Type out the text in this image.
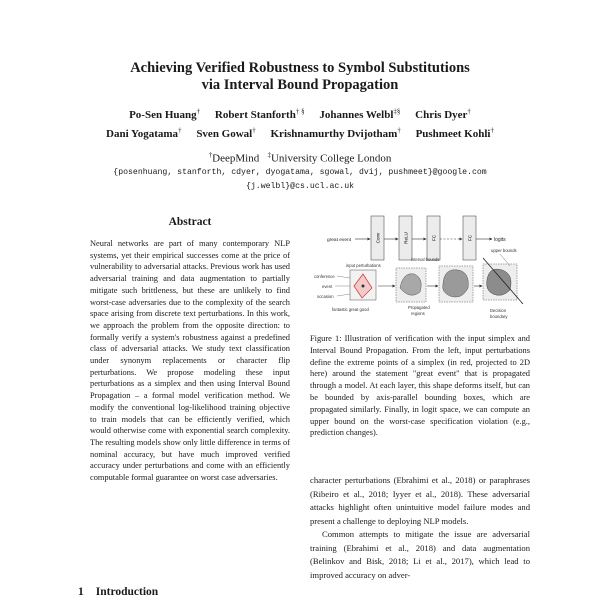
Achieving Verified Robustness to Symbol Substitutions
via Interval Bound Propagation
Po-Sen Huang† Robert Stanforth† § Johannes Welbl‡§ Chris Dyer†
Dani Yogatama† Sven Gowal† Krishnamurthy Dvijotham† Pushmeet Kohli†
†DeepMind ‡University College London
{posenhuang, stanforth, cdyer, dyogatama, sgowal, dvij, pushmeet}@google.com
{j.welbl}@cs.ucl.ac.uk
Abstract

Neural networks are part of many contemporary NLP systems, yet their empirical successes come at the price of vulnerability to adversarial attacks. Previous work has used adversarial training and data augmentation to partially mitigate such brittleness, but these are unlikely to find worst-case adversaries due to the complexity of the search space arising from discrete text perturbations. In this work, we approach the problem from the opposite direction: to formally verify a system's robustness against a predefined class of adversarial attacks. We study text classification under synonym replacements or character flip perturbations. We propose modeling these input perturbations as a simplex and then using Interval Bound Propagation – a formal model verification method. We modify the conventional log-likelihood training objective to train models that can be efficiently verified, which would otherwise come with exponential search complexity. The resulting models show only little difference in terms of nominal accuracy, but have much improved verified accuracy under perturbations and come with an efficiently computable formal guarantee on worst case adversaries.

1 Introduction
great event	Conv	ReLU	FC	FC	logits
input perturbations
interval bounds
upper bounds
conference
event
occasion
fantastic great good	Propagated
regions
Decision
boundary

Figure 1: Illustration of verification with the input simplex and Interval Bound Propagation. From the left, input perturbations define the extreme points of a simplex (in red, projected to 2D here) around the statement "great event" that is propagated through a model. At each layer, this shape deforms itself, but can be bounded by axis-parallel bounding boxes, which are propagated similarly. Finally, in logit space, we can compute an upper bound on the worst-case specification violation (e.g., prediction changes).

character perturbations (Ebrahimi et al., 2018) or paraphrases (Ribeiro et al., 2018; Iyyer et al., 2018). These adversarial attacks highlight often unintuitive model failure modes and present a challenge to deploying NLP models.

Common attempts to mitigate the issue are adversarial training (Ebrahimi et al., 2018) and data augmentation (Belinkov and Bisk, 2018; Li et al., 2017), which lead to improved accuracy on adver-
